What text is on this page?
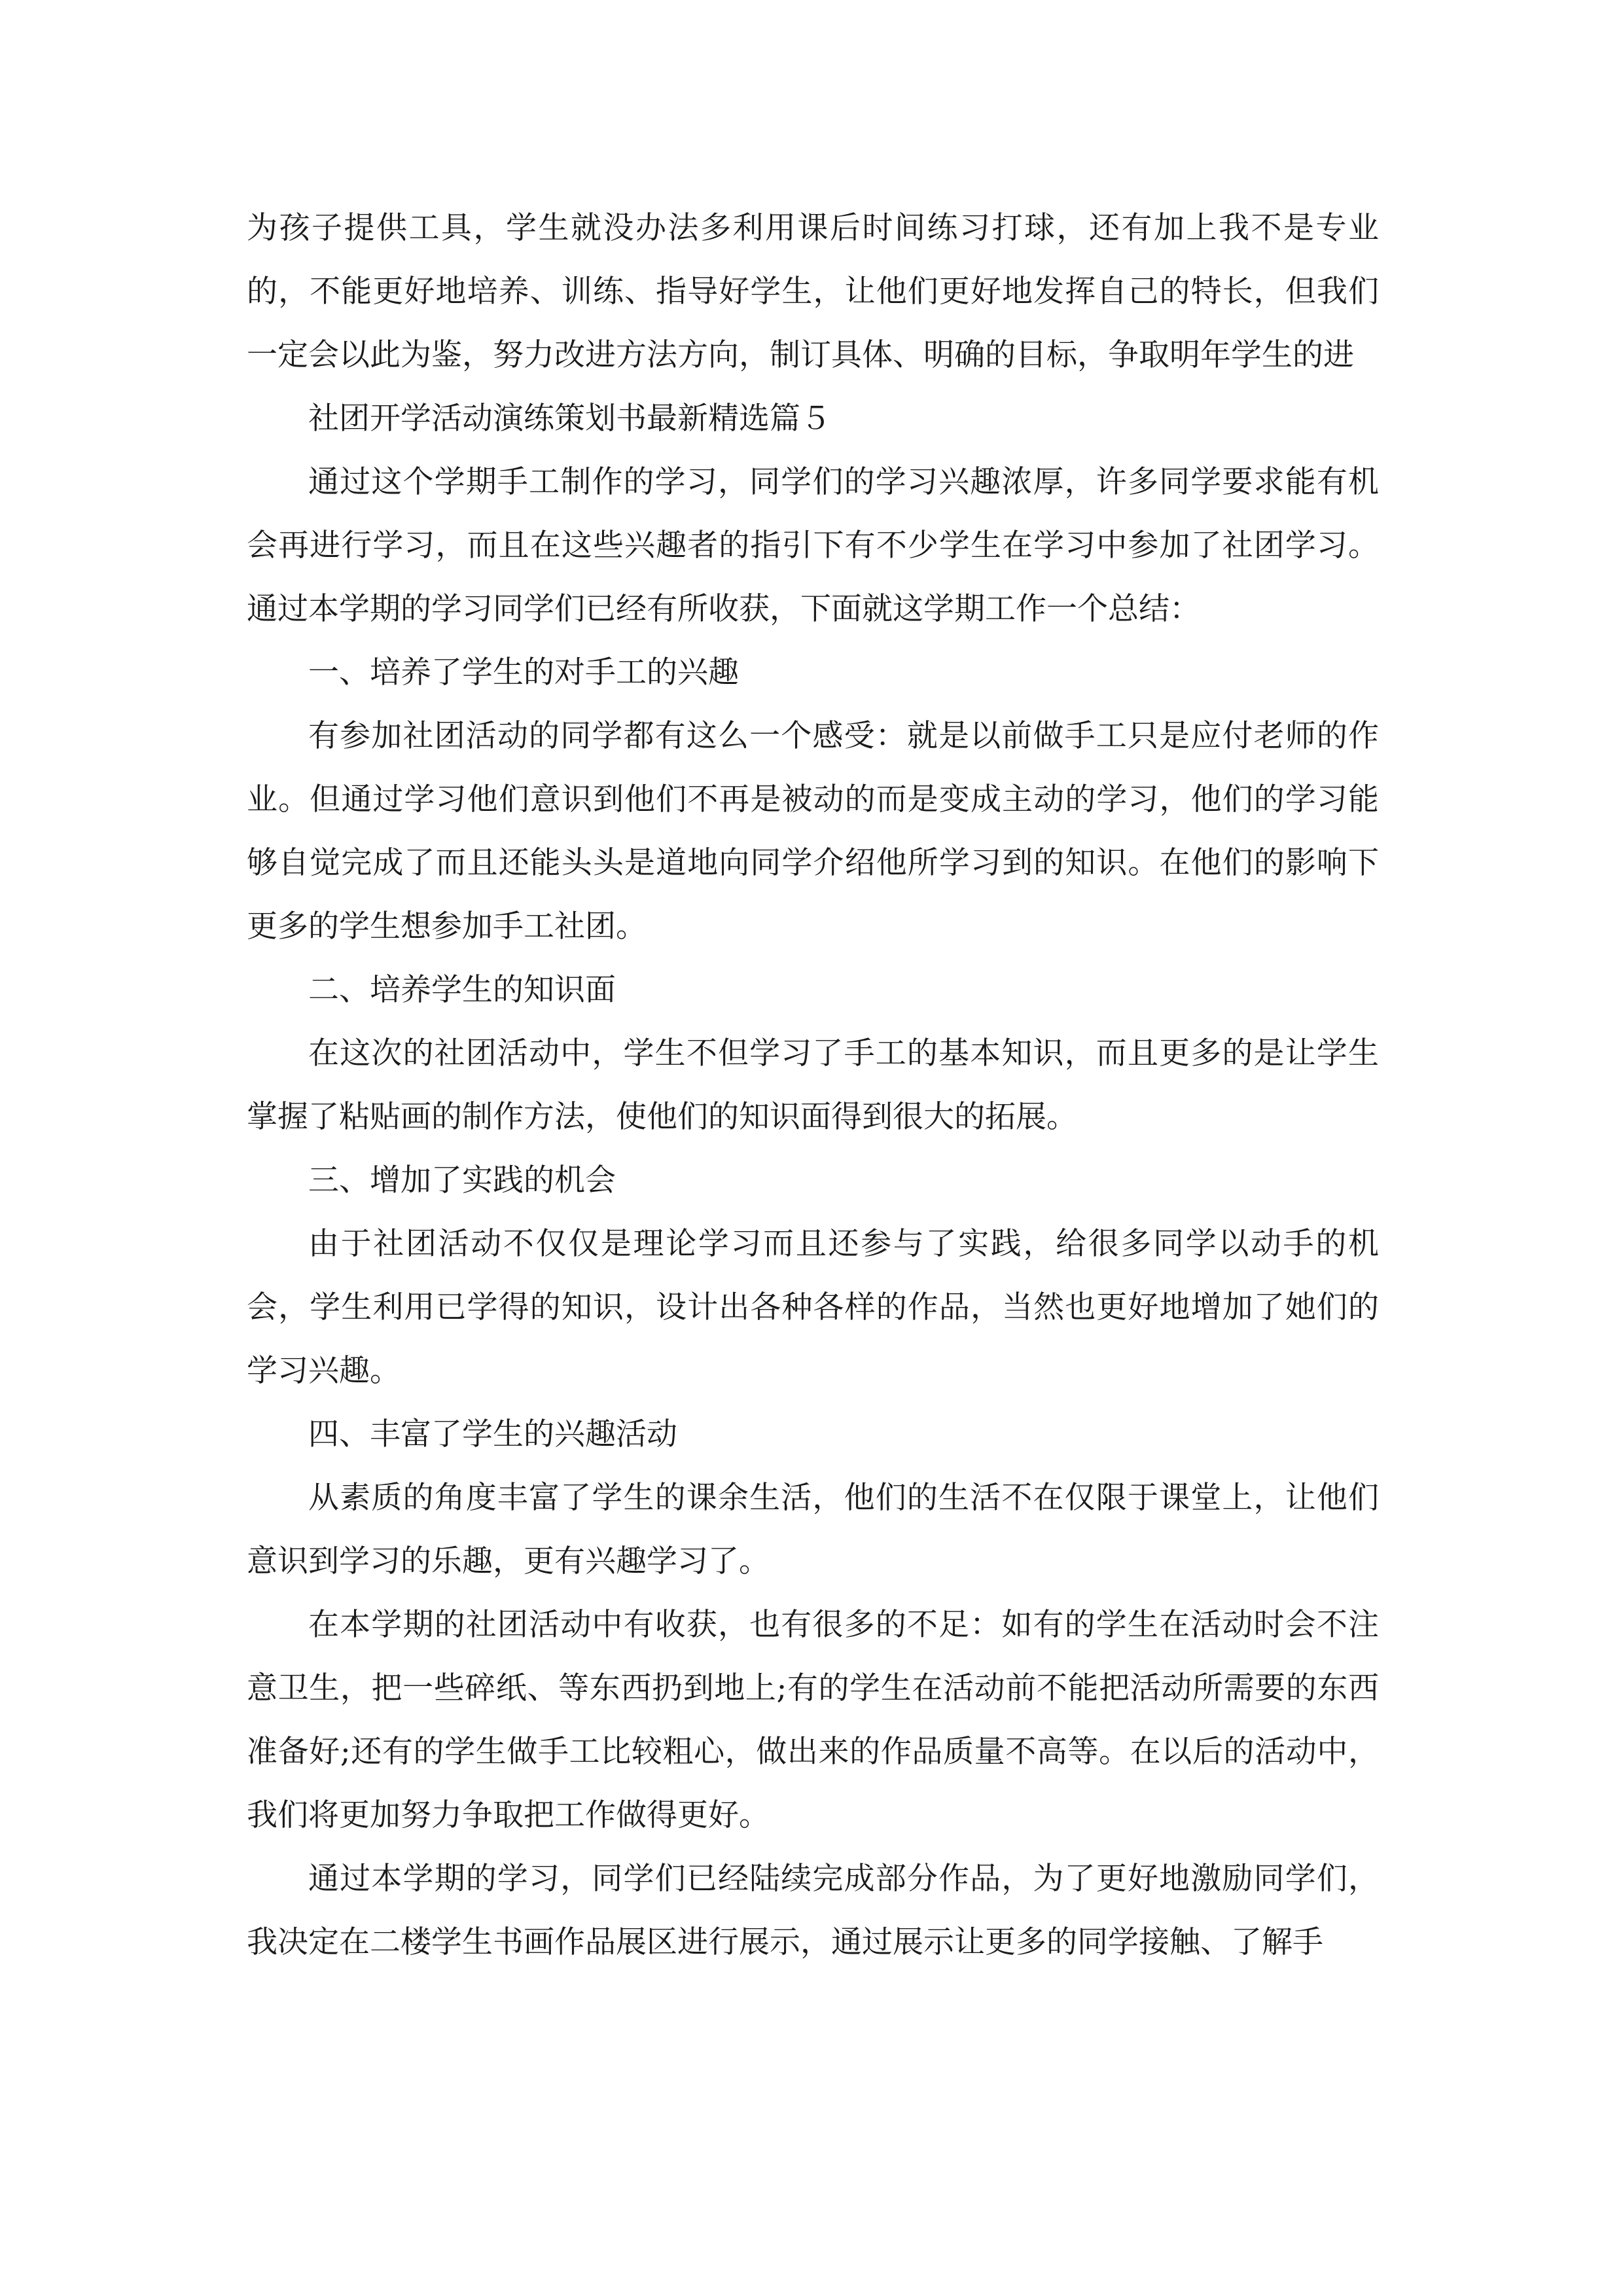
为孩子提供工具，学生就没办法多利用课后时间练习打球，还有加上我不是专业的，不能更好地培养、训练、指导好学生，让他们更好地发挥自己的特长，但我们一定会以此为鉴，努力改进方法方向，制订具体、明确的目标，争取明年学生的进

社团开学活动演练策划书最新精选篇５

通过这个学期手工制作的学习，同学们的学习兴趣浓厚，许多同学要求能有机会再进行学习，而且在这些兴趣者的指引下有不少学生在学习中参加了社团学习。通过本学期的学习同学们已经有所收获，下面就这学期工作一个总结：

一、培养了学生的对手工的兴趣

有参加社团活动的同学都有这么一个感受：就是以前做手工只是应付老师的作业。但通过学习他们意识到他们不再是被动的而是变成主动的学习，他们的学习能够自觉完成了而且还能头头是道地向同学介绍他所学习到的知识。在他们的影响下更多的学生想参加手工社团。

二、培养学生的知识面

在这次的社团活动中，学生不但学习了手工的基本知识，而且更多的是让学生掌握了粘贴画的制作方法，使他们的知识面得到很大的拓展。

三、增加了实践的机会

由于社团活动不仅仅是理论学习而且还参与了实践，给很多同学以动手的机会，学生利用已学得的知识，设计出各种各样的作品，当然也更好地增加了她们的学习兴趣。

四、丰富了学生的兴趣活动

从素质的角度丰富了学生的课余生活，他们的生活不在仅限于课堂上，让他们意识到学习的乐趣，更有兴趣学习了。

在本学期的社团活动中有收获，也有很多的不足：如有的学生在活动时会不注意卫生，把一些碎纸、等东西扔到地上;有的学生在活动前不能把活动所需要的东西准备好;还有的学生做手工比较粗心，做出来的作品质量不高等。在以后的活动中，我们将更加努力争取把工作做得更好。

通过本学期的学习，同学们已经陆续完成部分作品，为了更好地激励同学们，我决定在二楼学生书画作品展区进行展示，通过展示让更多的同学接触、了解手
